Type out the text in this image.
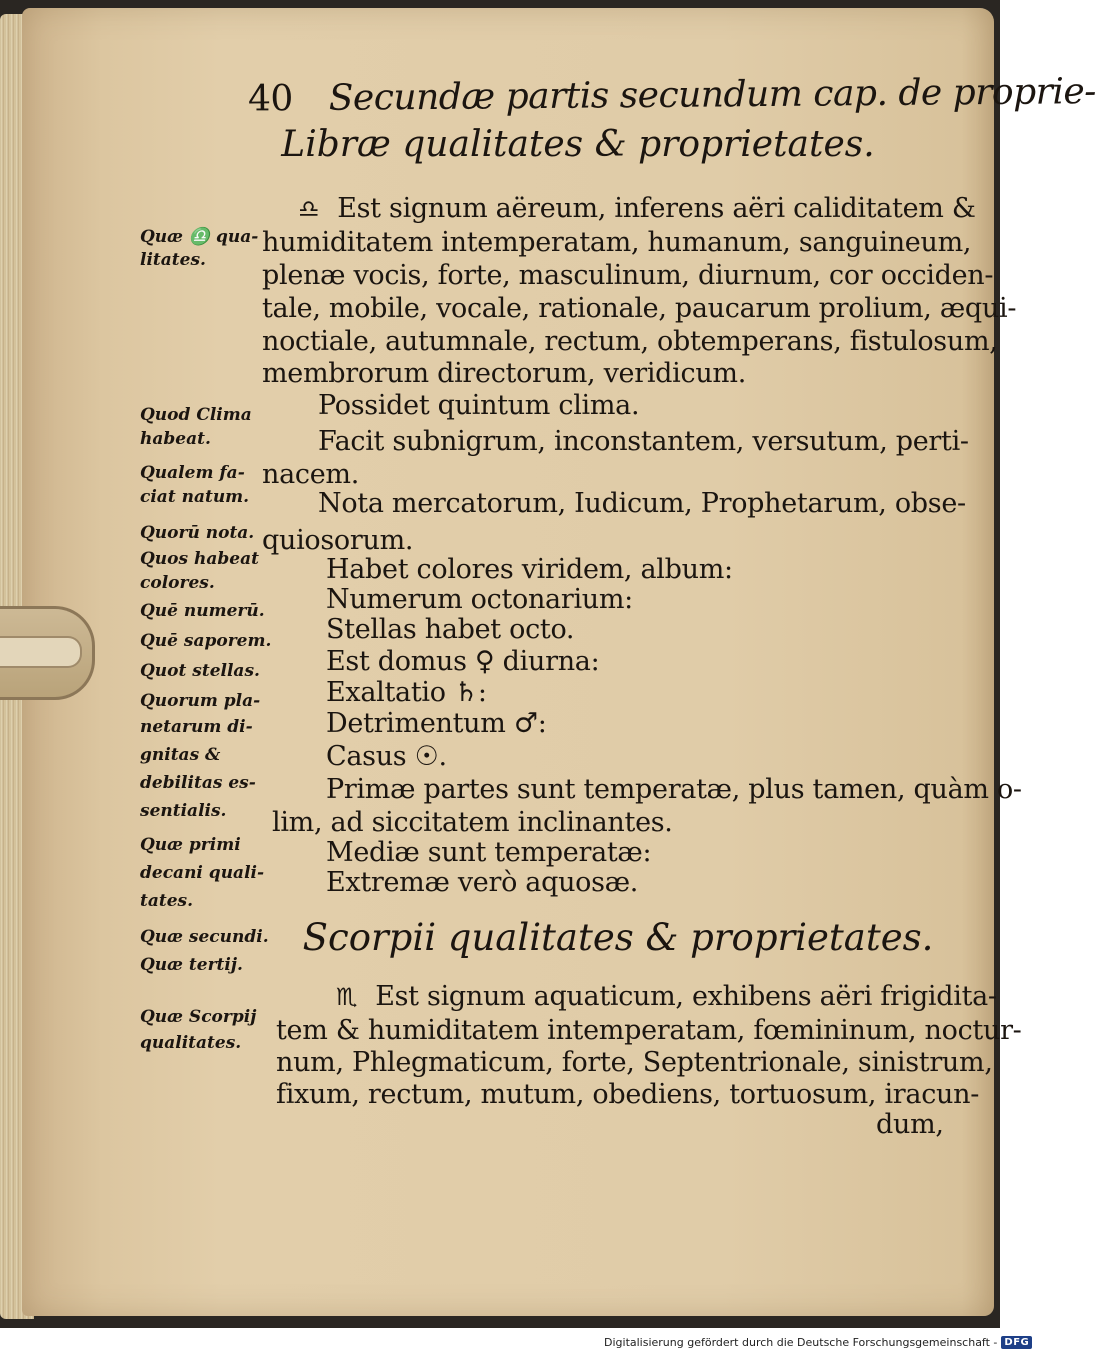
40 Secundæ partis secundum cap. de proprie-
Libræ qualitates & proprietates.
♎ Est signum aëreum, inferens aëri caliditatem &
humiditatem intemperatam, humanum, sanguineum,
plenæ vocis, forte, masculinum, diurnum, cor occiden-
tale, mobile, vocale, rationale, paucarum prolium, æqui-
noctiale, autumnale, rectum, obtemperans, fistulosum,
membrorum directorum, veridicum.
Possidet quintum clima.
Facit subnigrum, inconstantem, versutum, perti-
nacem.
Nota mercatorum, Iudicum, Prophetarum, obse-
quiosorum.
Habet colores viridem, album:
Numerum octonarium:
Stellas habet octo.
Est domus ♀ diurna:
Exaltatio ♄:
Detrimentum ♂:
Casus ☉.
Primæ partes sunt temperatæ, plus tamen, quàm o-
lim, ad siccitatem inclinantes.
Mediæ sunt temperatæ:
Extremæ verò aquosæ.
Scorpii qualitates & proprietates.
♏ Est signum aquaticum, exhibens aëri frigidita-
tem & humiditatem intemperatam, fœmininum, noctur-
num, Phlegmaticum, forte, Septentrionale, sinistrum,
fixum, rectum, mutum, obediens, tortuosum, iracun-
dum,
Quæ ♎ qua-
litates.
Quod Clima
habeat.
Qualem fa-
ciat natum.
Quorū nota.
Quos habeat
colores.
Quē numerū.
Quē saporem.
Quot stellas.
Quorum pla-
netarum di-
gnitas &
debilitas es-
sentialis.
Quæ primi
decani quali-
tates.
Quæ secundi.
Quæ tertij.
Quæ Scorpij
qualitates.
Digitalisierung gefördert durch die Deutsche Forschungsgemeinschaft - DFG
